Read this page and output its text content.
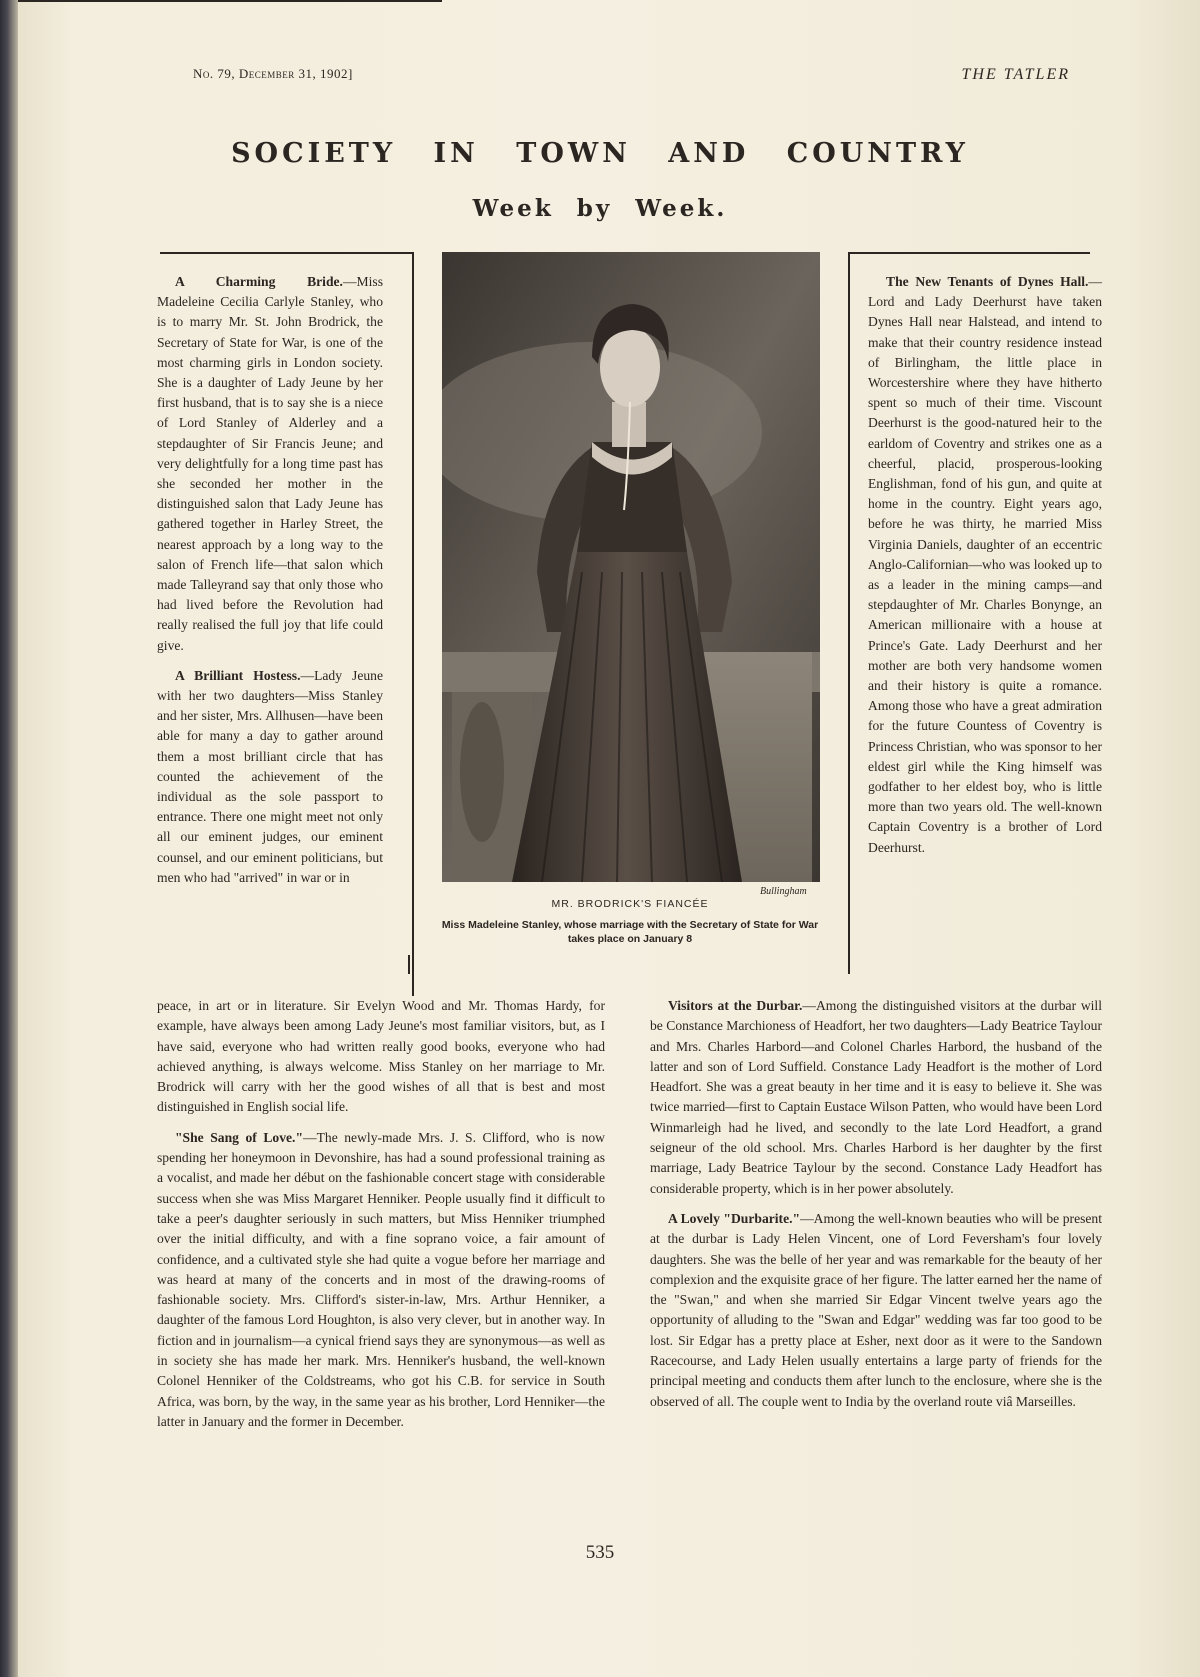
No. 79, December 31, 1902]	THE TATLER
SOCIETY IN TOWN AND COUNTRY
Week by Week.

A Charming Bride.—Miss Madeleine Cecilia Carlyle Stanley, who is to marry Mr. St. John Brodrick, the Secretary of State for War, is one of the most charming girls in London society. She is a daughter of Lady Jeune by her first husband, that is to say she is a niece of Lord Stanley of Alderley and a stepdaughter of Sir Francis Jeune; and very delightfully for a long time past has she seconded her mother in the distinguished salon that Lady Jeune has gathered together in Harley Street, the nearest approach by a long way to the salon of French life—that salon which made Talleyrand say that only those who had lived before the Revolution had really realised the full joy that life could give.

A Brilliant Hostess.—Lady Jeune with her two daughters—Miss Stanley and her sister, Mrs. Allhusen—have been able for many a day to gather around them a most brilliant circle that has counted the achievement of the individual as the sole passport to entrance. There one might meet not only all our eminent judges, our eminent counsel, and our eminent politicians, but men who had "arrived" in war or in

Bullingham
MR. BRODRICK'S FIANCÉE
Miss Madeleine Stanley, whose marriage with the Secretary of State for War takes place on January 8

The New Tenants of Dynes Hall.—Lord and Lady Deerhurst have taken Dynes Hall near Halstead, and intend to make that their country residence instead of Birlingham, the little place in Worcestershire where they have hitherto spent so much of their time. Viscount Deerhurst is the good-natured heir to the earldom of Coventry and strikes one as a cheerful, placid, prosperous-looking Englishman, fond of his gun, and quite at home in the country. Eight years ago, before he was thirty, he married Miss Virginia Daniels, daughter of an eccentric Anglo-Californian—who was looked up to as a leader in the mining camps—and stepdaughter of Mr. Charles Bonynge, an American millionaire with a house at Prince's Gate. Lady Deerhurst and her mother are both very handsome women and their history is quite a romance. Among those who have a great admiration for the future Countess of Coventry is Princess Christian, who was sponsor to her eldest girl while the King himself was godfather to her eldest boy, who is little more than two years old. The well-known Captain Coventry is a brother of Lord Deerhurst.

peace, in art or in literature. Sir Evelyn Wood and Mr. Thomas Hardy, for example, have always been among Lady Jeune's most familiar visitors, but, as I have said, everyone who had written really good books, everyone who had achieved anything, is always welcome. Miss Stanley on her marriage to Mr. Brodrick will carry with her the good wishes of all that is best and most distinguished in English social life.

"She Sang of Love."—The newly-made Mrs. J. S. Clifford, who is now spending her honeymoon in Devonshire, has had a sound professional training as a vocalist, and made her début on the fashionable concert stage with considerable success when she was Miss Margaret Henniker. People usually find it difficult to take a peer's daughter seriously in such matters, but Miss Henniker triumphed over the initial difficulty, and with a fine soprano voice, a fair amount of confidence, and a cultivated style she had quite a vogue before her marriage and was heard at many of the concerts and in most of the drawing-rooms of fashionable society. Mrs. Clifford's sister-in-law, Mrs. Arthur Henniker, a daughter of the famous Lord Houghton, is also very clever, but in another way. In fiction and in journalism—a cynical friend says they are synonymous—as well as in society she has made her mark. Mrs. Henniker's husband, the well-known Colonel Henniker of the Coldstreams, who got his C.B. for service in South Africa, was born, by the way, in the same year as his brother, Lord Henniker—the latter in January and the former in December.

Visitors at the Durbar.—Among the distinguished visitors at the durbar will be Constance Marchioness of Headfort, her two daughters—Lady Beatrice Taylour and Mrs. Charles Harbord—and Colonel Charles Harbord, the husband of the latter and son of Lord Suffield. Constance Lady Headfort is the mother of Lord Headfort. She was a great beauty in her time and it is easy to believe it. She was twice married—first to Captain Eustace Wilson Patten, who would have been Lord Winmarleigh had he lived, and secondly to the late Lord Headfort, a grand seigneur of the old school. Mrs. Charles Harbord is her daughter by the first marriage, Lady Beatrice Taylour by the second. Constance Lady Headfort has considerable property, which is in her power absolutely.

A Lovely "Durbarite."—Among the well-known beauties who will be present at the durbar is Lady Helen Vincent, one of Lord Feversham's four lovely daughters. She was the belle of her year and was remarkable for the beauty of her complexion and the exquisite grace of her figure. The latter earned her the name of the "Swan," and when she married Sir Edgar Vincent twelve years ago the opportunity of alluding to the "Swan and Edgar" wedding was far too good to be lost. Sir Edgar has a pretty place at Esher, next door as it were to the Sandown Racecourse, and Lady Helen usually entertains a large party of friends for the principal meeting and conducts them after lunch to the enclosure, where she is the observed of all. The couple went to India by the overland route viâ Marseilles.

535
